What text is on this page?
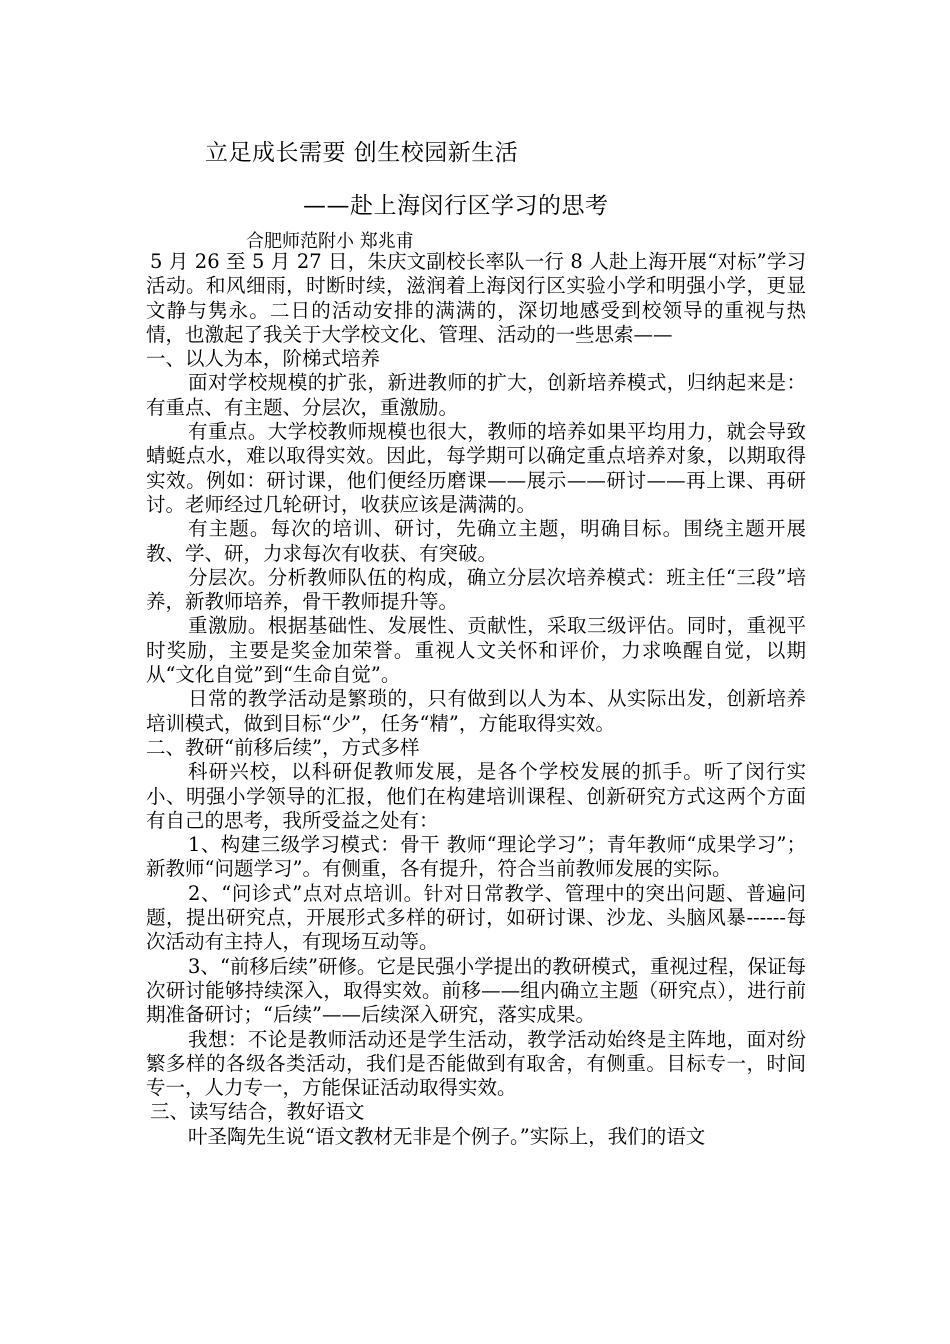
立足成长需要 创生校园新生活
——赴上海闵行区学习的思考
合肥师范附小 郑兆甫

5 月 26 至 5 月 27 日，朱庆文副校长率队一行 8 人赴上海开展“对标”学习活动。和风细雨，时断时续，滋润着上海闵行区实验小学和明强小学，更显文静与隽永。二日的活动安排的满满的，深切地感受到校领导的重视与热情，也激起了我关于大学校文化、管理、活动的一些思索——

一、以人为本，阶梯式培养

面对学校规模的扩张，新进教师的扩大，创新培养模式，归纳起来是：有重点、有主题、分层次，重激励。

有重点。大学校教师规模也很大，教师的培养如果平均用力，就会导致蜻蜓点水，难以取得实效。因此，每学期可以确定重点培养对象，以期取得实效。例如：研讨课，他们便经历磨课——展示——研讨——再上课、再研讨。老师经过几轮研讨，收获应该是满满的。

有主题。每次的培训、研讨，先确立主题，明确目标。围绕主题开展教、学、研，力求每次有收获、有突破。

分层次。分析教师队伍的构成，确立分层次培养模式：班主任“三段”培养，新教师培养，骨干教师提升等。

重激励。根据基础性、发展性、贡献性，采取三级评估。同时，重视平时奖励，主要是奖金加荣誉。重视人文关怀和评价，力求唤醒自觉，以期从“文化自觉”到“生命自觉”。

日常的教学活动是繁琐的，只有做到以人为本、从实际出发，创新培养培训模式，做到目标“少”，任务“精”，方能取得实效。

二、教研“前移后续”，方式多样

科研兴校，以科研促教师发展，是各个学校发展的抓手。听了闵行实小、明强小学领导的汇报，他们在构建培训课程、创新研究方式这两个方面有自己的思考，我所受益之处有：

1、构建三级学习模式：骨干 教师“理论学习”；青年教师“成果学习”；新教师“问题学习”。有侧重，各有提升，符合当前教师发展的实际。

2、“问诊式”点对点培训。针对日常教学、管理中的突出问题、普遍问题，提出研究点，开展形式多样的研讨，如研讨课、沙龙、头脑风暴------每次活动有主持人，有现场互动等。

3、“前移后续”研修。它是民强小学提出的教研模式，重视过程，保证每次研讨能够持续深入，取得实效。前移——组内确立主题（研究点），进行前期准备研讨；“后续”——后续深入研究，落实成果。

我想：不论是教师活动还是学生活动，教学活动始终是主阵地，面对纷繁多样的各级各类活动，我们是否能做到有取舍，有侧重。目标专一，时间专一，人力专一，方能保证活动取得实效。

三、读写结合，教好语文

叶圣陶先生说“语文教材无非是个例子。”实际上，我们的语文
